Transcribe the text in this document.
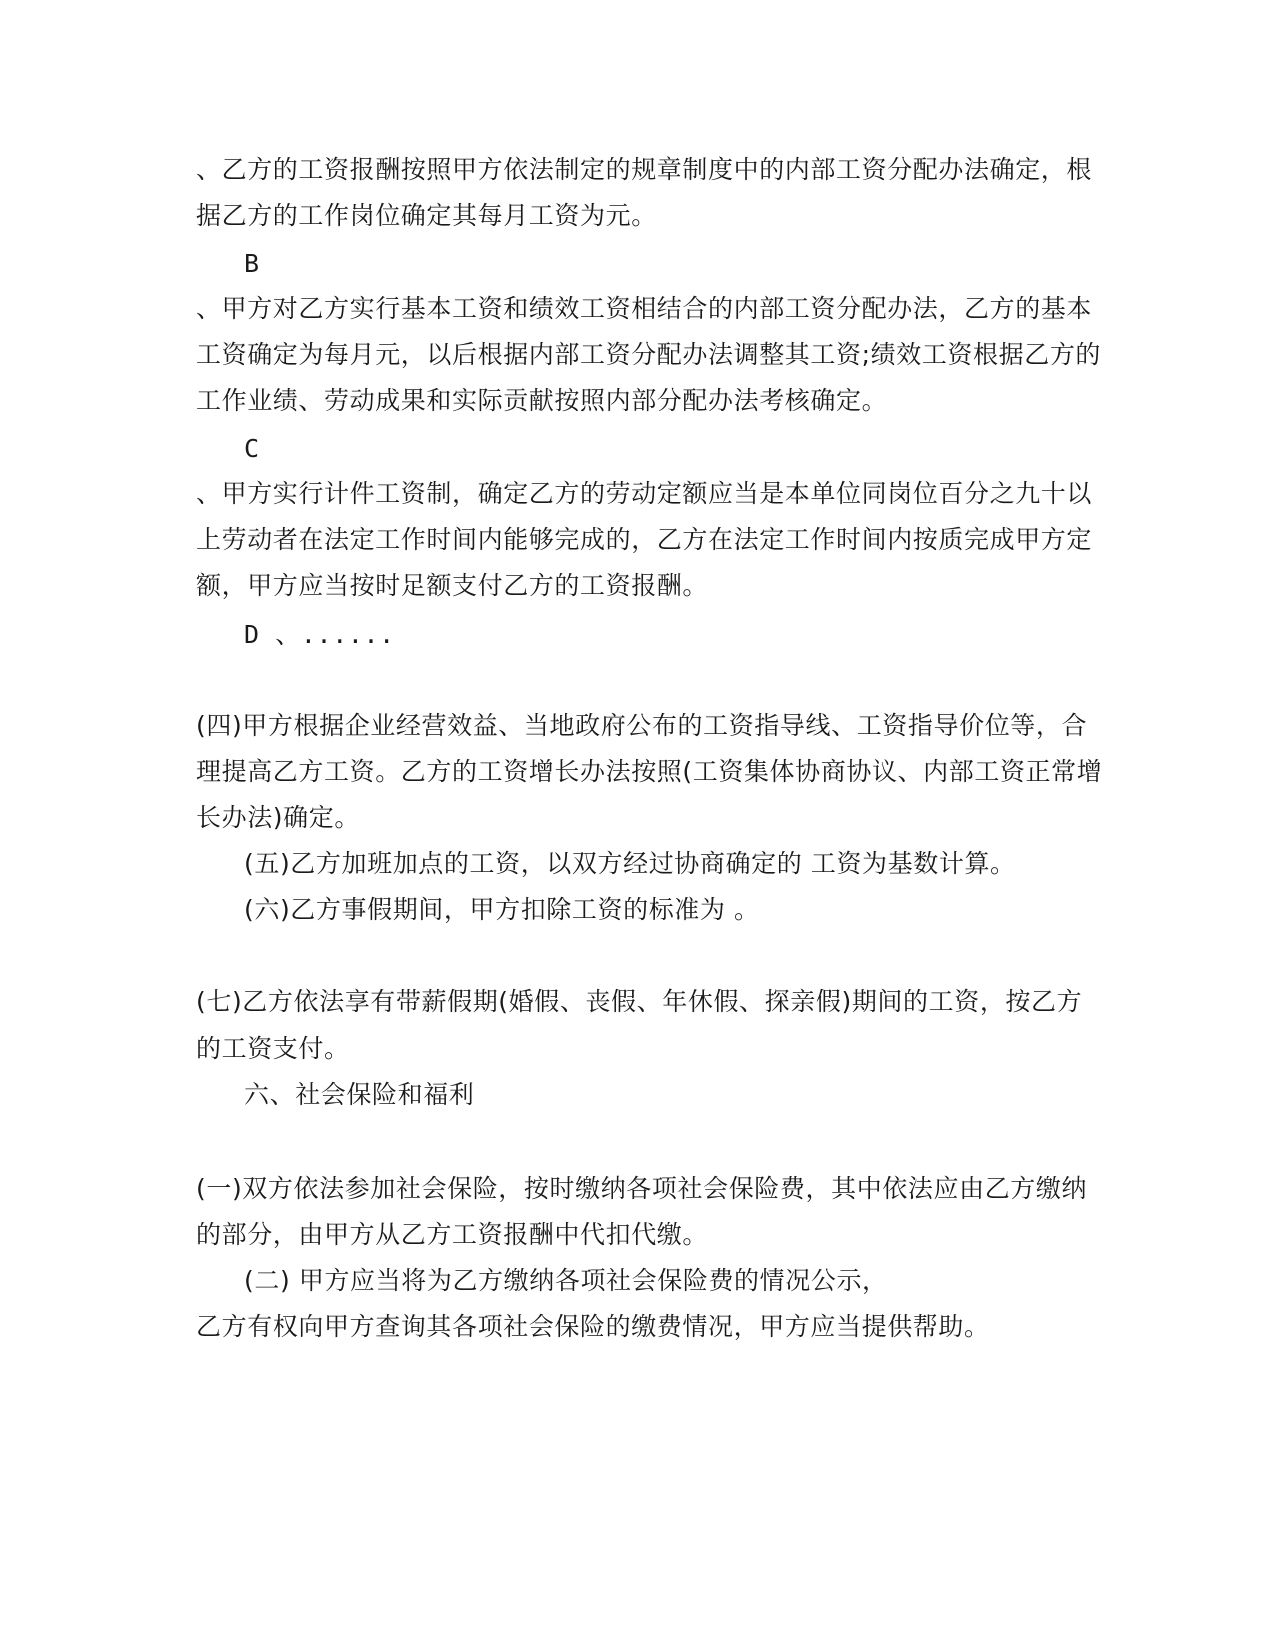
、乙方的工资报酬按照甲方依法制定的规章制度中的内部工资分配办法确定，根
据乙方的工作岗位确定其每月工资为元。
B
、甲方对乙方实行基本工资和绩效工资相结合的内部工资分配办法，乙方的基本
工资确定为每月元，以后根据内部工资分配办法调整其工资;绩效工资根据乙方的
工作业绩、劳动成果和实际贡献按照内部分配办法考核确定。
C
、甲方实行计件工资制，确定乙方的劳动定额应当是本单位同岗位百分之九十以
上劳动者在法定工作时间内能够完成的，乙方在法定工作时间内按质完成甲方定
额，甲方应当按时足额支付乙方的工资报酬。
D 、......
(四)甲方根据企业经营效益、当地政府公布的工资指导线、工资指导价位等，合
理提高乙方工资。乙方的工资增长办法按照(工资集体协商协议、内部工资正常增
长办法)确定。
(五)乙方加班加点的工资，以双方经过协商确定的 工资为基数计算。
(六)乙方事假期间，甲方扣除工资的标准为 。
(七)乙方依法享有带薪假期(婚假、丧假、年休假、探亲假)期间的工资，按乙方
的工资支付。
六、社会保险和福利
(一)双方依法参加社会保险，按时缴纳各项社会保险费，其中依法应由乙方缴纳
的部分，由甲方从乙方工资报酬中代扣代缴。
(二) 甲方应当将为乙方缴纳各项社会保险费的情况公示，
乙方有权向甲方查询其各项社会保险的缴费情况，甲方应当提供帮助。
